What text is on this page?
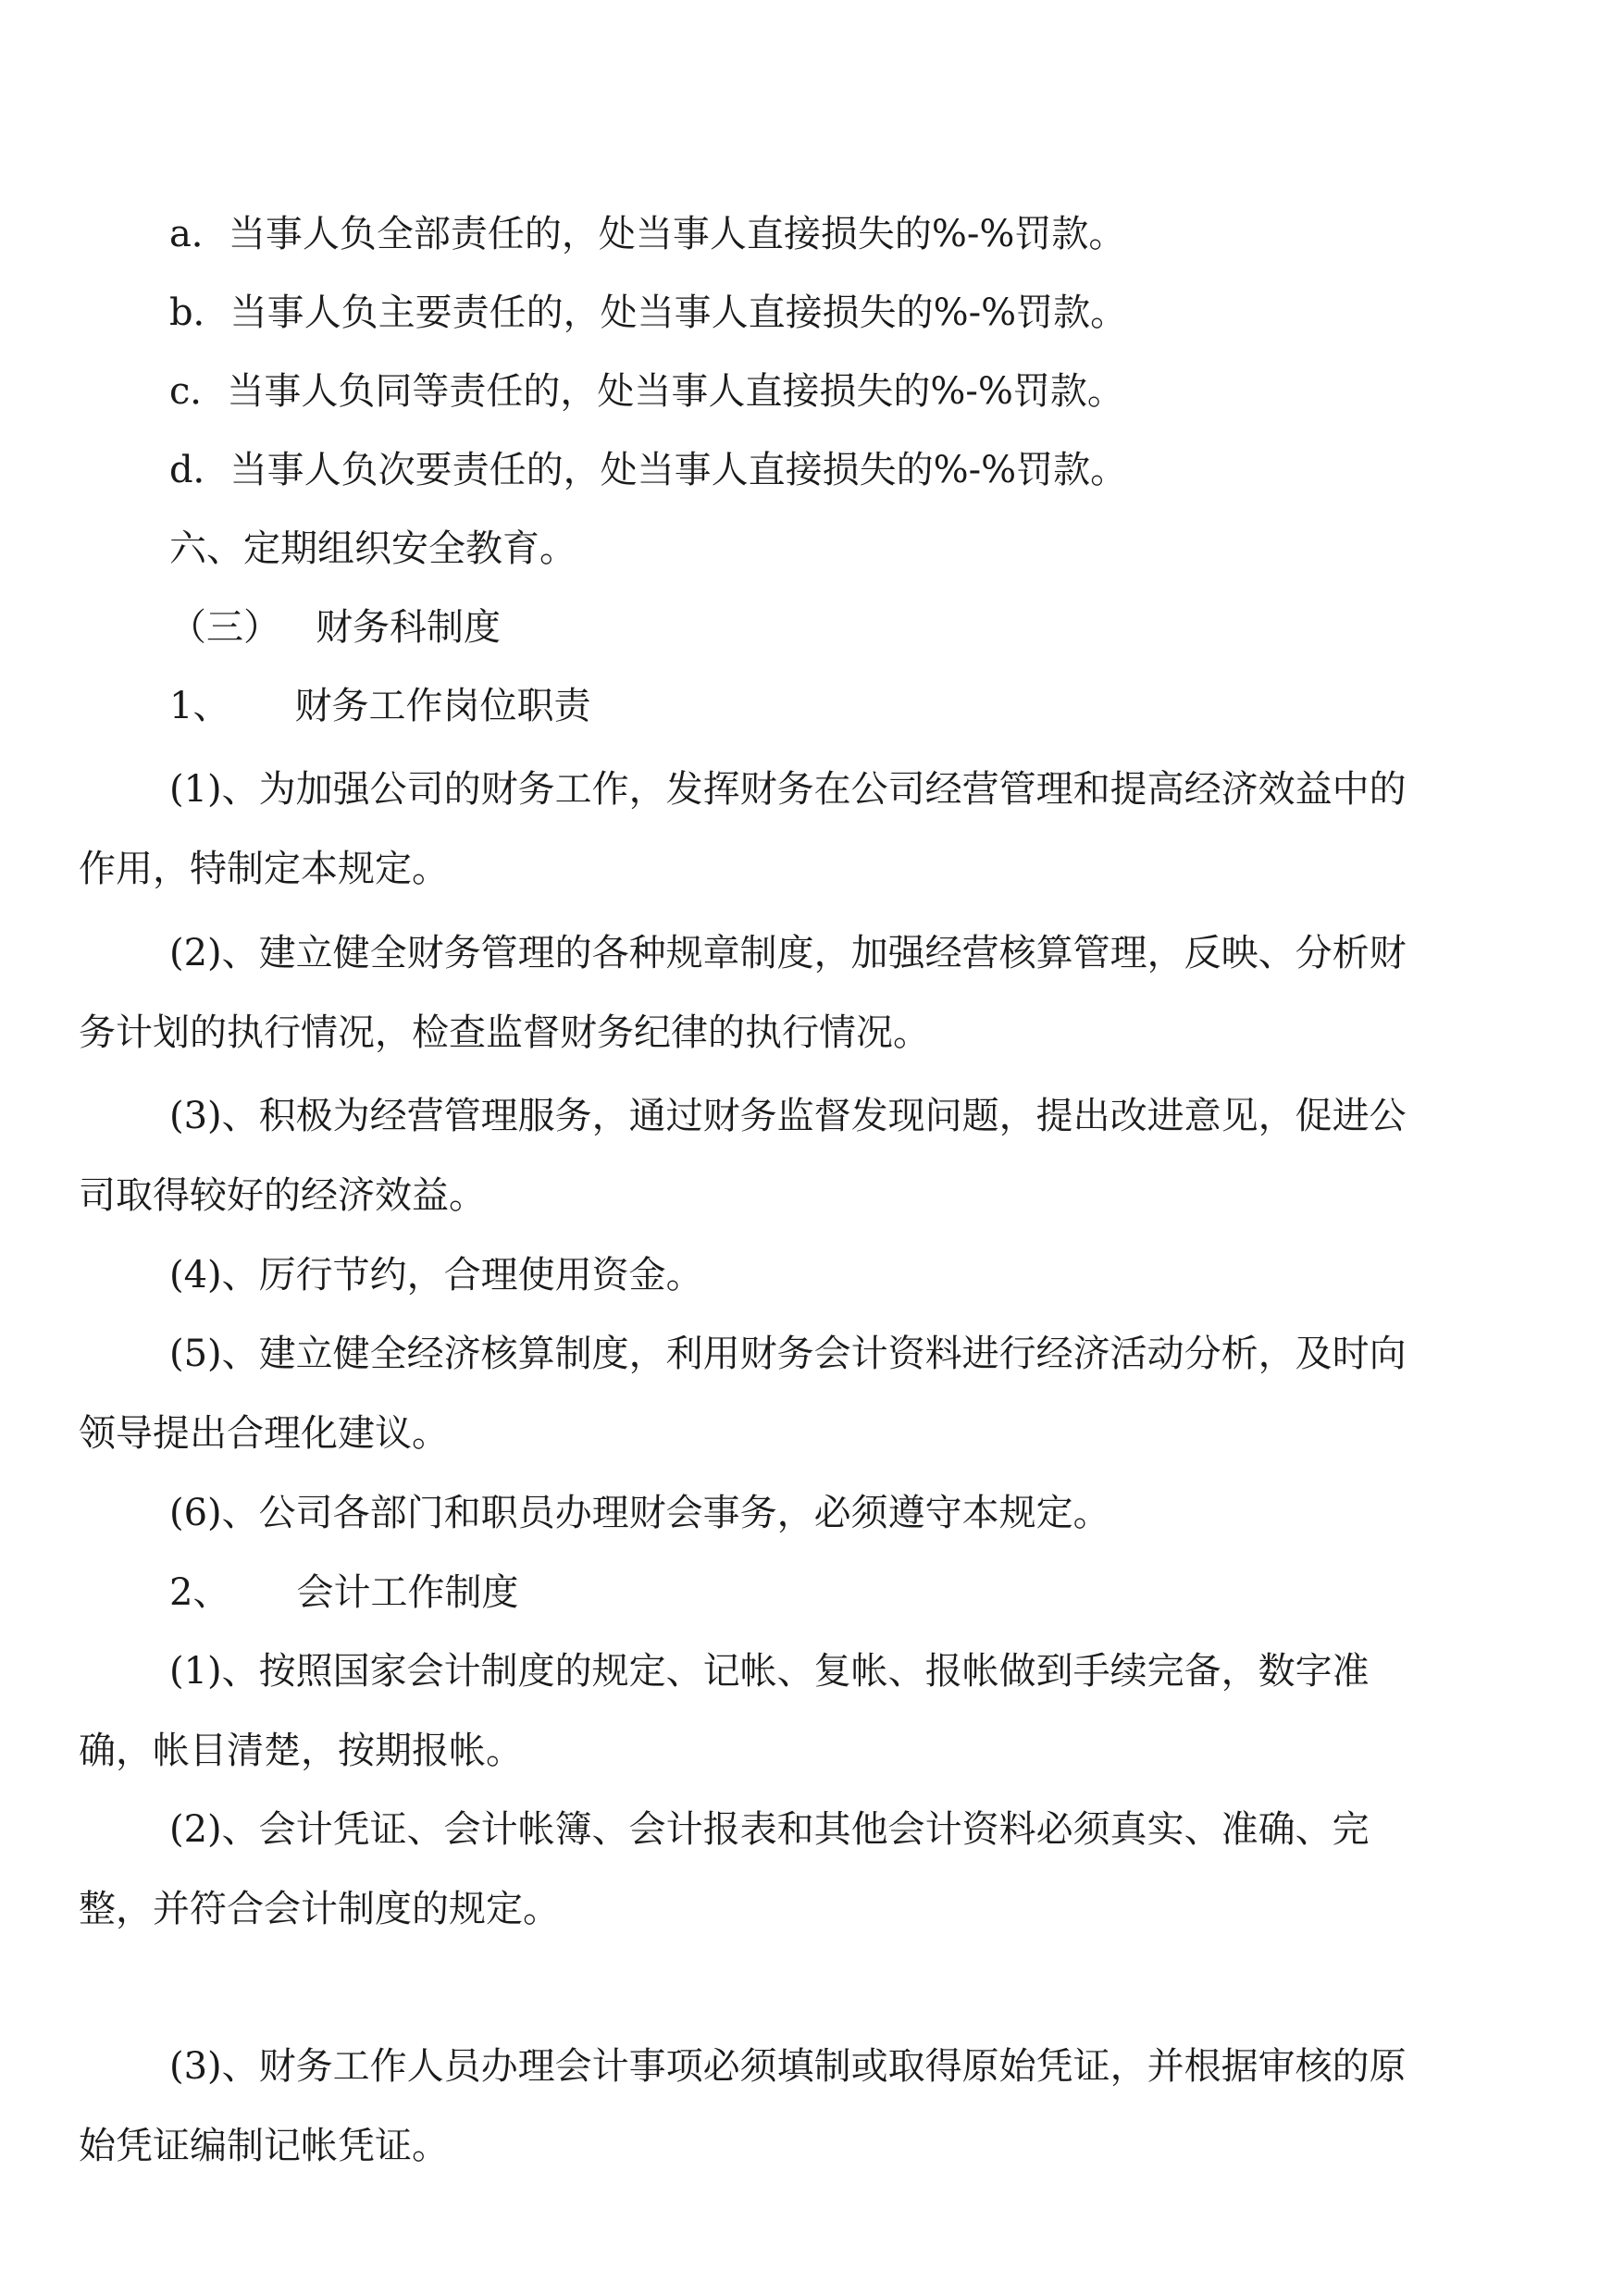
a．当事人负全部责任的，处当事人直接损失的%-%罚款。
b．当事人负主要责任的，处当事人直接损失的%-%罚款。
c．当事人负同等责任的，处当事人直接损失的%-%罚款。
d．当事人负次要责任的，处当事人直接损失的%-%罚款。
六、定期组织安全教育。
（三） 财务科制度
1、 财务工作岗位职责
(1)、为加强公司的财务工作，发挥财务在公司经营管理和提高经济效益中的
作用，特制定本规定。
(2)、建立健全财务管理的各种规章制度，加强经营核算管理，反映、分析财
务计划的执行情况，检查监督财务纪律的执行情况。
(3)、积极为经营管理服务，通过财务监督发现问题，提出改进意见，促进公
司取得较好的经济效益。
(4)、厉行节约，合理使用资金。
(5)、建立健全经济核算制度，利用财务会计资料进行经济活动分析，及时向
领导提出合理化建议。
(6)、公司各部门和职员办理财会事务，必须遵守本规定。
2、 会计工作制度
(1)、按照国家会计制度的规定、记帐、复帐、报帐做到手续完备，数字准
确，帐目清楚，按期报帐。
(2)、会计凭证、会计帐簿、会计报表和其他会计资料必须真实、准确、完
整，并符合会计制度的规定。
(3)、财务工作人员办理会计事项必须填制或取得原始凭证，并根据审核的原
始凭证编制记帐凭证。
